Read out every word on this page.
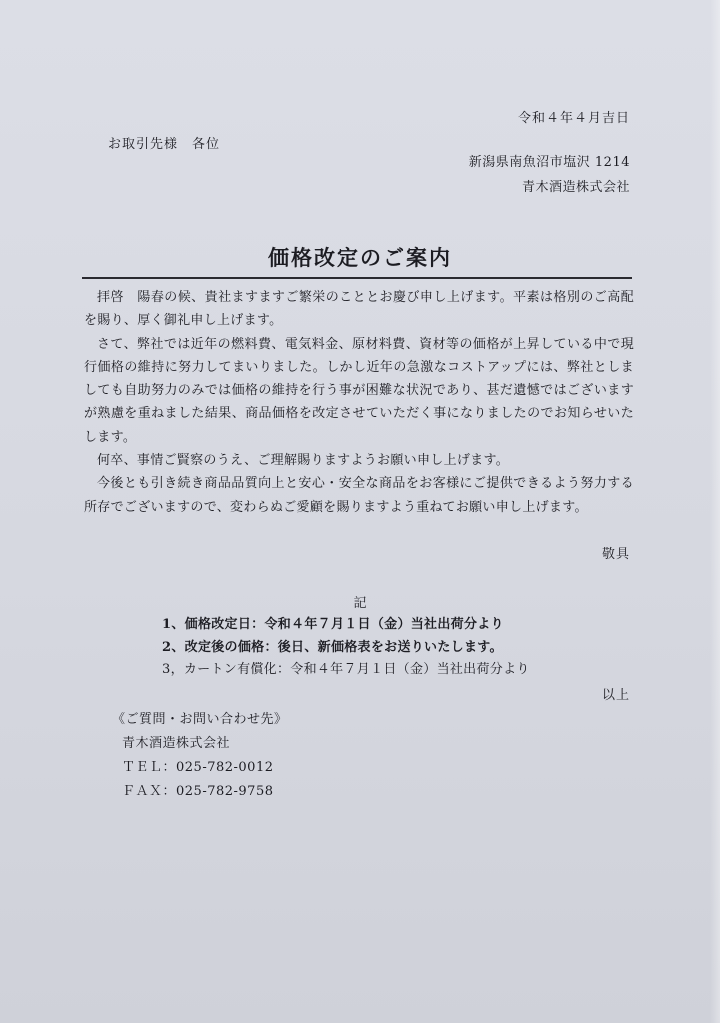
令和４年４月吉日
お取引先様　各位
新潟県南魚沼市塩沢 1214
青木酒造株式会社
価格改定のご案内

拝啓　陽春の候、貴社ますますご繁栄のこととお慶び申し上げます。平素は格別のご高配を賜り、厚く御礼申し上げます。

さて、弊社では近年の燃料費、電気料金、原材料費、資材等の価格が上昇している中で現行価格の維持に努力してまいりました。しかし近年の急激なコストアップには、弊社としましても自助努力のみでは価格の維持を行う事が困難な状況であり、甚だ遺憾ではございますが熟慮を重ねました結果、商品価格を改定させていただく事になりましたのでお知らせいたします。

何卒、事情ご賢察のうえ、ご理解賜りますようお願い申し上げます。

今後とも引き続き商品品質向上と安心・安全な商品をお客様にご提供できるよう努力する所存でございますので、変わらぬご愛顧を賜りますよう重ねてお願い申し上げます。

敬具
記
1、価格改定日：令和４年７月１日（金）当社出荷分より
2、改定後の価格：後日、新価格表をお送りいたします。
3，カートン有償化：令和４年７月１日（金）当社出荷分より
以上
《ご質問・お問い合わせ先》
青木酒造株式会社
ＴＥＬ：025-782-0012
ＦＡＸ：025-782-9758
